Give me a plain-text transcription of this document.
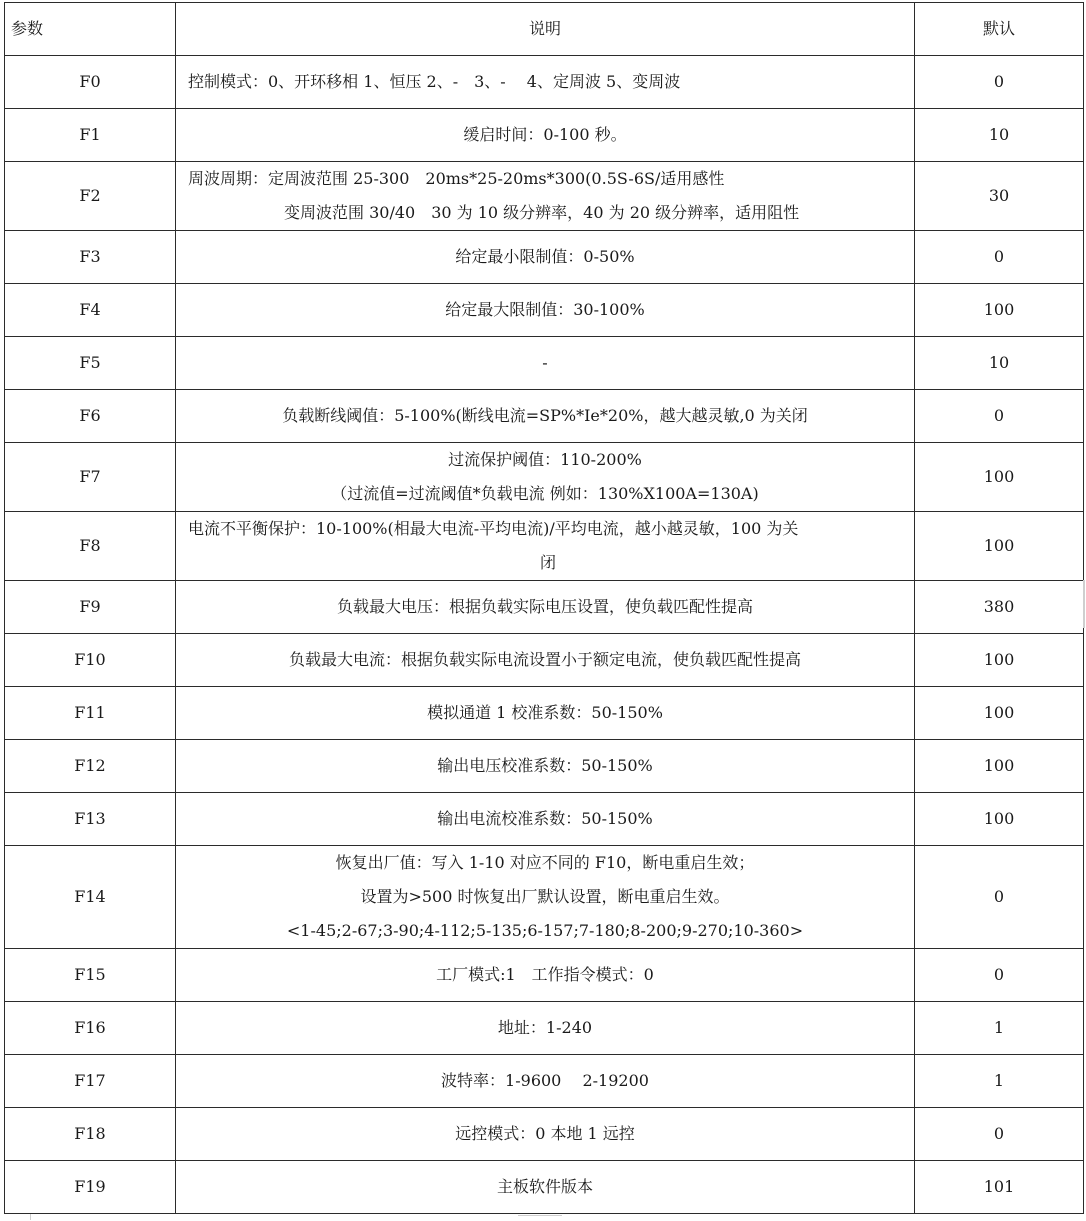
参数	说明	默认
F0	控制模式：0、开环移相 1、恒压 2、-　3、-　 4、定周波 5、变周波	0
F1	缓启时间：0-100 秒。	10
F2	周波周期：定周波范围 25-300　20ms*25-20ms*300(0.5S-6S/适用感性
变周波范围 30/40　30 为 10 级分辨率，40 为 20 级分辨率，适用阻性	30
F3	给定最小限制值：0-50%	0
F4	给定最大限制值：30-100%	100
F5	-	10
F6	负载断线阈值：5-100%(断线电流=SP%*Ie*20%，越大越灵敏,0 为关闭	0
F7	过流保护阈值：110-200%
（过流值=过流阈值*负载电流 例如：130%X100A=130A)	100
F8	电流不平衡保护：10-100%(相最大电流-平均电流)/平均电流，越小越灵敏，100 为关
闭	100
F9	负载最大电压：根据负载实际电压设置，使负载匹配性提高	380
F10	负载最大电流：根据负载实际电流设置小于额定电流，使负载匹配性提高	100
F11	模拟通道 1 校准系数：50-150%	100
F12	输出电压校准系数：50-150%	100
F13	输出电流校准系数：50-150%	100
F14	恢复出厂值：写入 1-10 对应不同的 F10，断电重启生效；
设置为>500 时恢复出厂默认设置，断电重启生效。
<1-45;2-67;3-90;4-112;5-135;6-157;7-180;8-200;9-270;10-360>	0
F15	工厂模式:1　工作指令模式：0	0
F16	地址：1-240	1
F17	波特率：1-9600　 2-19200	1
F18	远控模式：0 本地 1 远控	0
F19	主板软件版本	101
